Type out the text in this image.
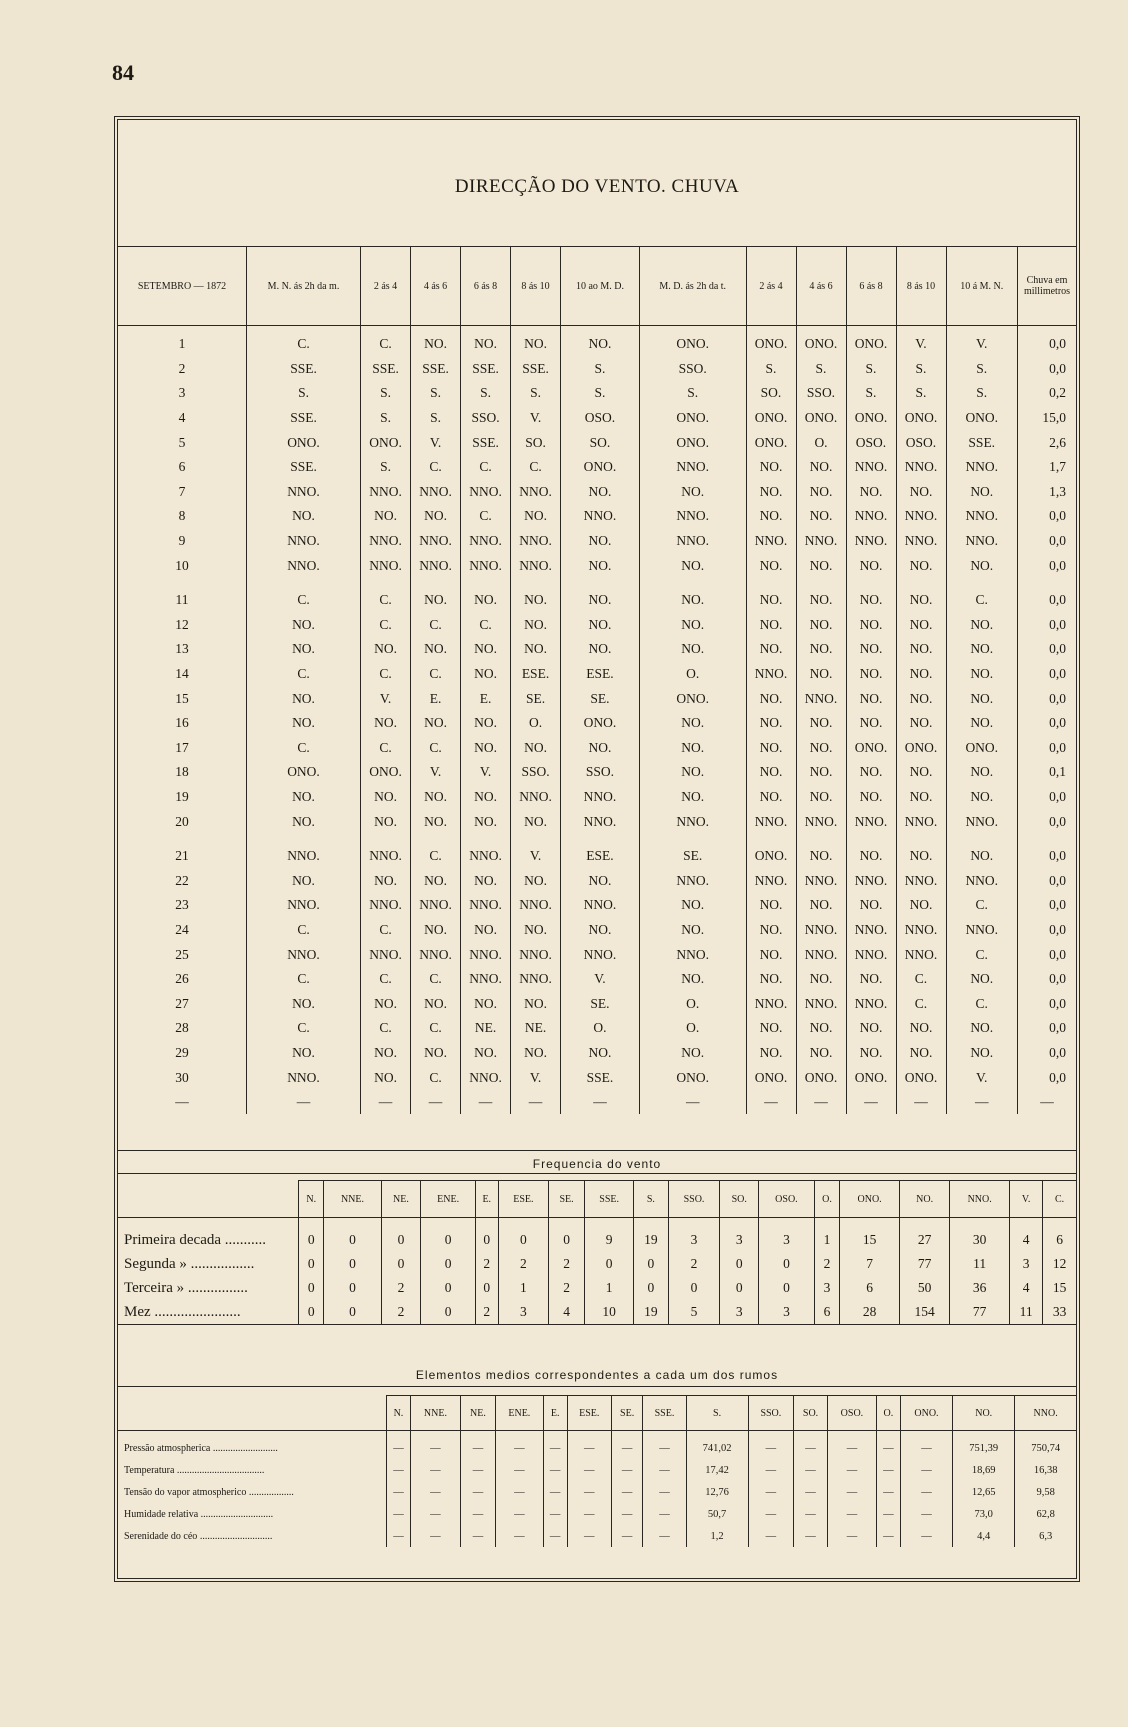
84
DIRECÇÃO DO VENTO. CHUVA
SETEMBRO — 1872	M. N. ás 2h da m.	2 ás 4	4 ás 6	6 ás 8	8 ás 10	10 ao M. D.	M. D. ás 2h da t.	2 ás 4	4 ás 6	6 ás 8	8 ás 10	10 á M. N.	Chuva em millimetros
1	C.	C.	NO.	NO.	NO.	NO.	ONO.	ONO.	ONO.	ONO.	V.	V.	0,0
2	SSE.	SSE.	SSE.	SSE.	SSE.	S.	SSO.	S.	S.	S.	S.	S.	0,0
3	S.	S.	S.	S.	S.	S.	S.	SO.	SSO.	S.	S.	S.	0,2
4	SSE.	S.	S.	SSO.	V.	OSO.	ONO.	ONO.	ONO.	ONO.	ONO.	ONO.	15,0
5	ONO.	ONO.	V.	SSE.	SO.	SO.	ONO.	ONO.	O.	OSO.	OSO.	SSE.	2,6
6	SSE.	S.	C.	C.	C.	ONO.	NNO.	NO.	NO.	NNO.	NNO.	NNO.	1,7
7	NNO.	NNO.	NNO.	NNO.	NNO.	NO.	NO.	NO.	NO.	NO.	NO.	NO.	1,3
8	NO.	NO.	NO.	C.	NO.	NNO.	NNO.	NO.	NO.	NNO.	NNO.	NNO.	0,0
9	NNO.	NNO.	NNO.	NNO.	NNO.	NO.	NNO.	NNO.	NNO.	NNO.	NNO.	NNO.	0,0
10	NNO.	NNO.	NNO.	NNO.	NNO.	NO.	NO.	NO.	NO.	NO.	NO.	NO.	0,0
11	C.	C.	NO.	NO.	NO.	NO.	NO.	NO.	NO.	NO.	NO.	C.	0,0
12	NO.	C.	C.	C.	NO.	NO.	NO.	NO.	NO.	NO.	NO.	NO.	0,0
13	NO.	NO.	NO.	NO.	NO.	NO.	NO.	NO.	NO.	NO.	NO.	NO.	0,0
14	C.	C.	C.	NO.	ESE.	ESE.	O.	NNO.	NO.	NO.	NO.	NO.	0,0
15	NO.	V.	E.	E.	SE.	SE.	ONO.	NO.	NNO.	NO.	NO.	NO.	0,0
16	NO.	NO.	NO.	NO.	O.	ONO.	NO.	NO.	NO.	NO.	NO.	NO.	0,0
17	C.	C.	C.	NO.	NO.	NO.	NO.	NO.	NO.	ONO.	ONO.	ONO.	0,0
18	ONO.	ONO.	V.	V.	SSO.	SSO.	NO.	NO.	NO.	NO.	NO.	NO.	0,1
19	NO.	NO.	NO.	NO.	NNO.	NNO.	NO.	NO.	NO.	NO.	NO.	NO.	0,0
20	NO.	NO.	NO.	NO.	NO.	NNO.	NNO.	NNO.	NNO.	NNO.	NNO.	NNO.	0,0
21	NNO.	NNO.	C.	NNO.	V.	ESE.	SE.	ONO.	NO.	NO.	NO.	NO.	0,0
22	NO.	NO.	NO.	NO.	NO.	NO.	NNO.	NNO.	NNO.	NNO.	NNO.	NNO.	0,0
23	NNO.	NNO.	NNO.	NNO.	NNO.	NNO.	NO.	NO.	NO.	NO.	NO.	C.	0,0
24	C.	C.	NO.	NO.	NO.	NO.	NO.	NO.	NNO.	NNO.	NNO.	NNO.	0,0
25	NNO.	NNO.	NNO.	NNO.	NNO.	NNO.	NNO.	NO.	NNO.	NNO.	NNO.	C.	0,0
26	C.	C.	C.	NNO.	NNO.	V.	NO.	NO.	NO.	NO.	C.	NO.	0,0
27	NO.	NO.	NO.	NO.	NO.	SE.	O.	NNO.	NNO.	NNO.	C.	C.	0,0
28	C.	C.	C.	NE.	NE.	O.	O.	NO.	NO.	NO.	NO.	NO.	0,0
29	NO.	NO.	NO.	NO.	NO.	NO.	NO.	NO.	NO.	NO.	NO.	NO.	0,0
30	NNO.	NO.	C.	NNO.	V.	SSE.	ONO.	ONO.	ONO.	ONO.	ONO.	V.	0,0
—	—	—	—	—	—	—	—	—	—	—	—	—	—
Frequencia do vento
	N.	NNE.	NE.	ENE.	E.	ESE.	SE.	SSE.	S.	SSO.	SO.	OSO.	O.	ONO.	NO.	NNO.	V.	C.
Primeira decada ...........	0	0	0	0	0	0	0	9	19	3	3	3	1	15	27	30	4	6
Segunda » .................	0	0	0	0	2	2	2	0	0	2	0	0	2	7	77	11	3	12
Terceira » ................	0	0	2	0	0	1	2	1	0	0	0	0	3	6	50	36	4	15
Mez .......................	0	0	2	0	2	3	4	10	19	5	3	3	6	28	154	77	11	33
Elementos medios correspondentes a cada um dos rumos
	N.	NNE.	NE.	ENE.	E.	ESE.	SE.	SSE.	S.	SSO.	SO.	OSO.	O.	ONO.	NO.	NNO.
Pressão atmospherica ..........................	—	—	—	—	—	—	—	—	741,02	—	—	—	—	—	751,39	750,74
Temperatura ...................................	—	—	—	—	—	—	—	—	17,42	—	—	—	—	—	18,69	16,38
Tensão do vapor atmospherico ..................	—	—	—	—	—	—	—	—	12,76	—	—	—	—	—	12,65	9,58
Humidade relativa .............................	—	—	—	—	—	—	—	—	50,7	—	—	—	—	—	73,0	62,8
Serenidade do céo .............................	—	—	—	—	—	—	—	—	1,2	—	—	—	—	—	4,4	6,3
